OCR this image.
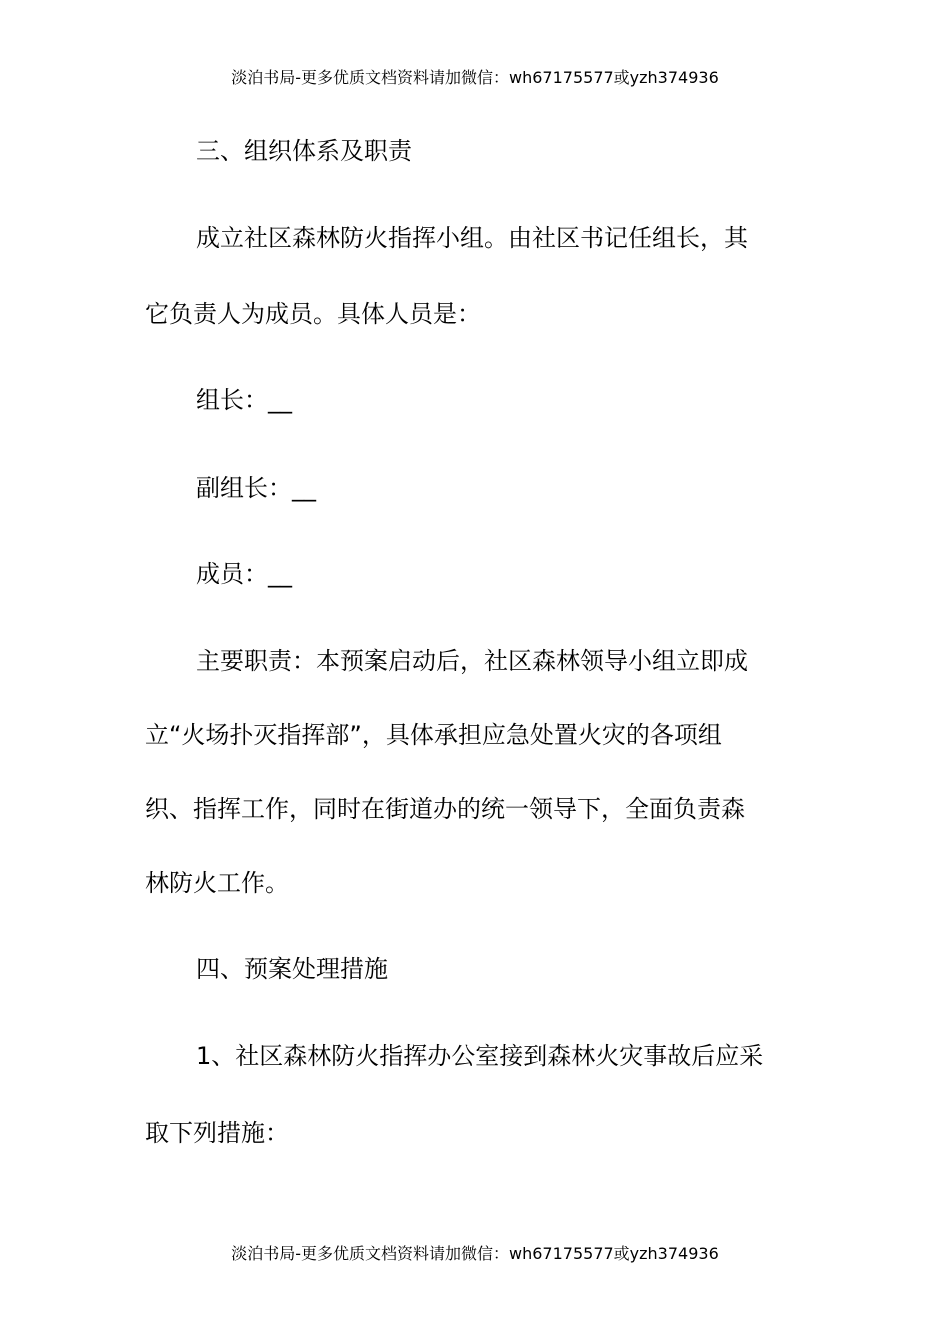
淡泊书局-更多优质文档资料请加微信：wh67175577或yzh374936
三、组织体系及职责
成立社区森林防火指挥小组。由社区书记任组长，其
它负责人为成员。具体人员是：
组长：__
副组长：__
成员：__
主要职责：本预案启动后，社区森林领导小组立即成
立“火场扑灭指挥部”，具体承担应急处置火灾的各项组
织、指挥工作，同时在街道办的统一领导下，全面负责森
林防火工作。
四、预案处理措施
1、社区森林防火指挥办公室接到森林火灾事故后应采
取下列措施：
淡泊书局-更多优质文档资料请加微信：wh67175577或yzh374936
